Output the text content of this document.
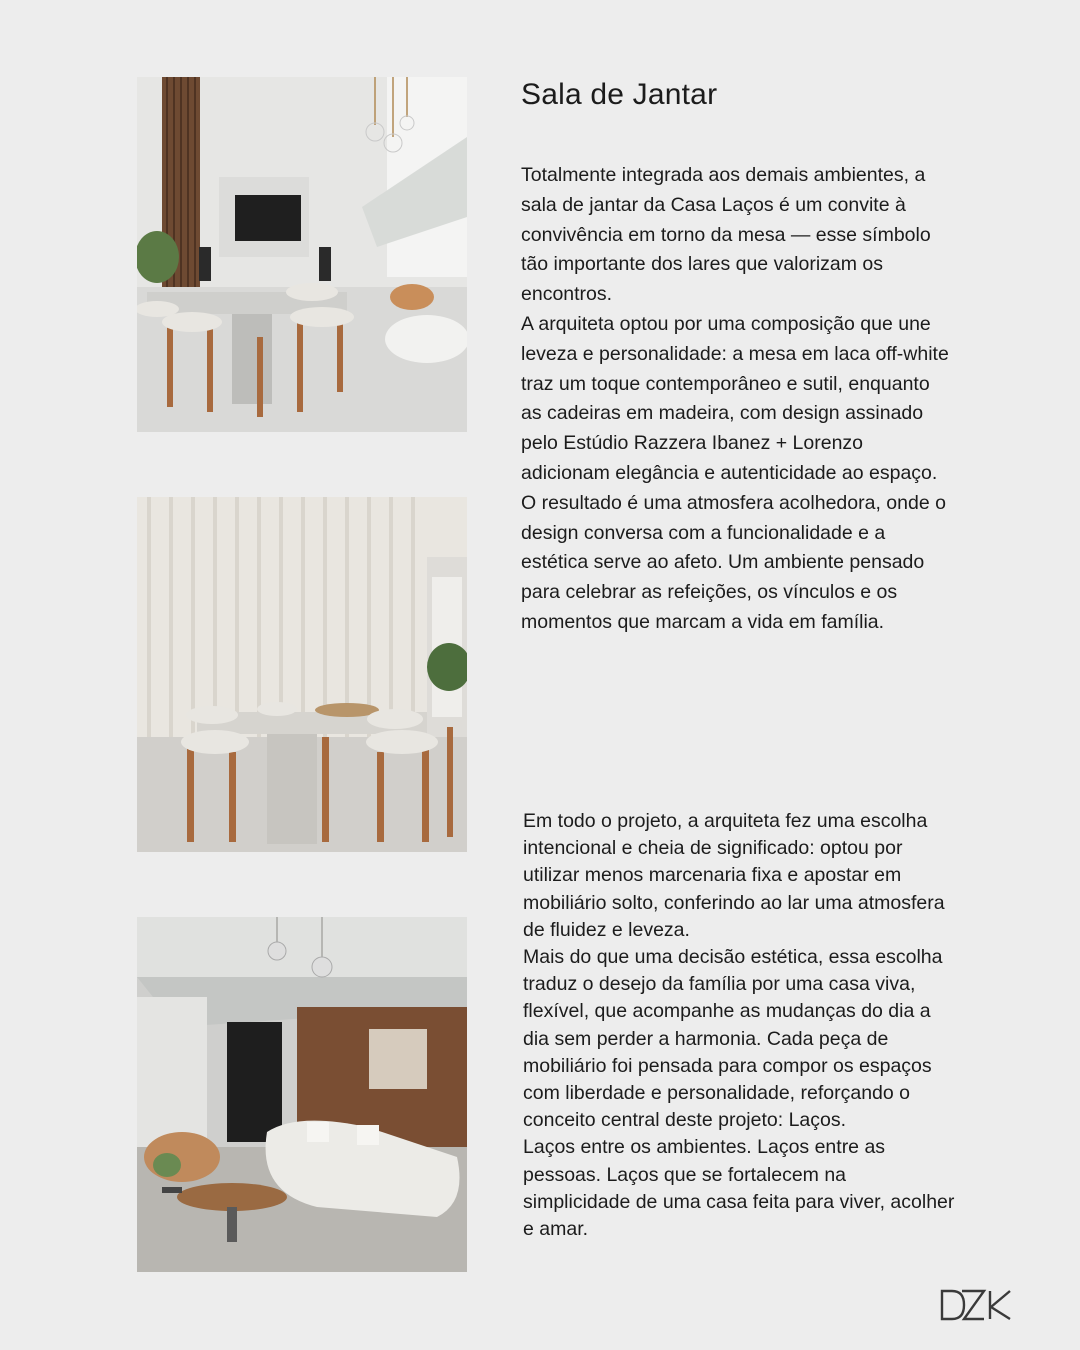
Sala de Jantar

Totalmente integrada aos demais ambientes, a sala de jantar da Casa Laços é um convite à convivência em torno da mesa — esse símbolo tão importante dos lares que valorizam os encontros.

A arquiteta optou por uma composição que une leveza e personalidade: a mesa em laca off-white traz um toque contemporâneo e sutil, enquanto as cadeiras em madeira, com design assinado pelo Estúdio Razzera Ibanez + Lorenzo adicionam elegância e autenticidade ao espaço.

O resultado é uma atmosfera acolhedora, onde o design conversa com a funcionalidade e a estética serve ao afeto. Um ambiente pensado para celebrar as refeições, os vínculos e os momentos que marcam a vida em família.

Em todo o projeto, a arquiteta fez uma escolha intencional e cheia de significado: optou por utilizar menos marcenaria fixa e apostar em mobiliário solto, conferindo ao lar uma atmosfera de fluidez e leveza.

Mais do que uma decisão estética, essa escolha traduz o desejo da família por uma casa viva, flexível, que acompanhe as mudanças do dia a dia sem perder a harmonia. Cada peça de mobiliário foi pensada para compor os espaços com liberdade e personalidade, reforçando o conceito central deste projeto: Laços.

Laços entre os ambientes. Laços entre as pessoas. Laços que se fortalecem na simplicidade de uma casa feita para viver, acolher e amar.
